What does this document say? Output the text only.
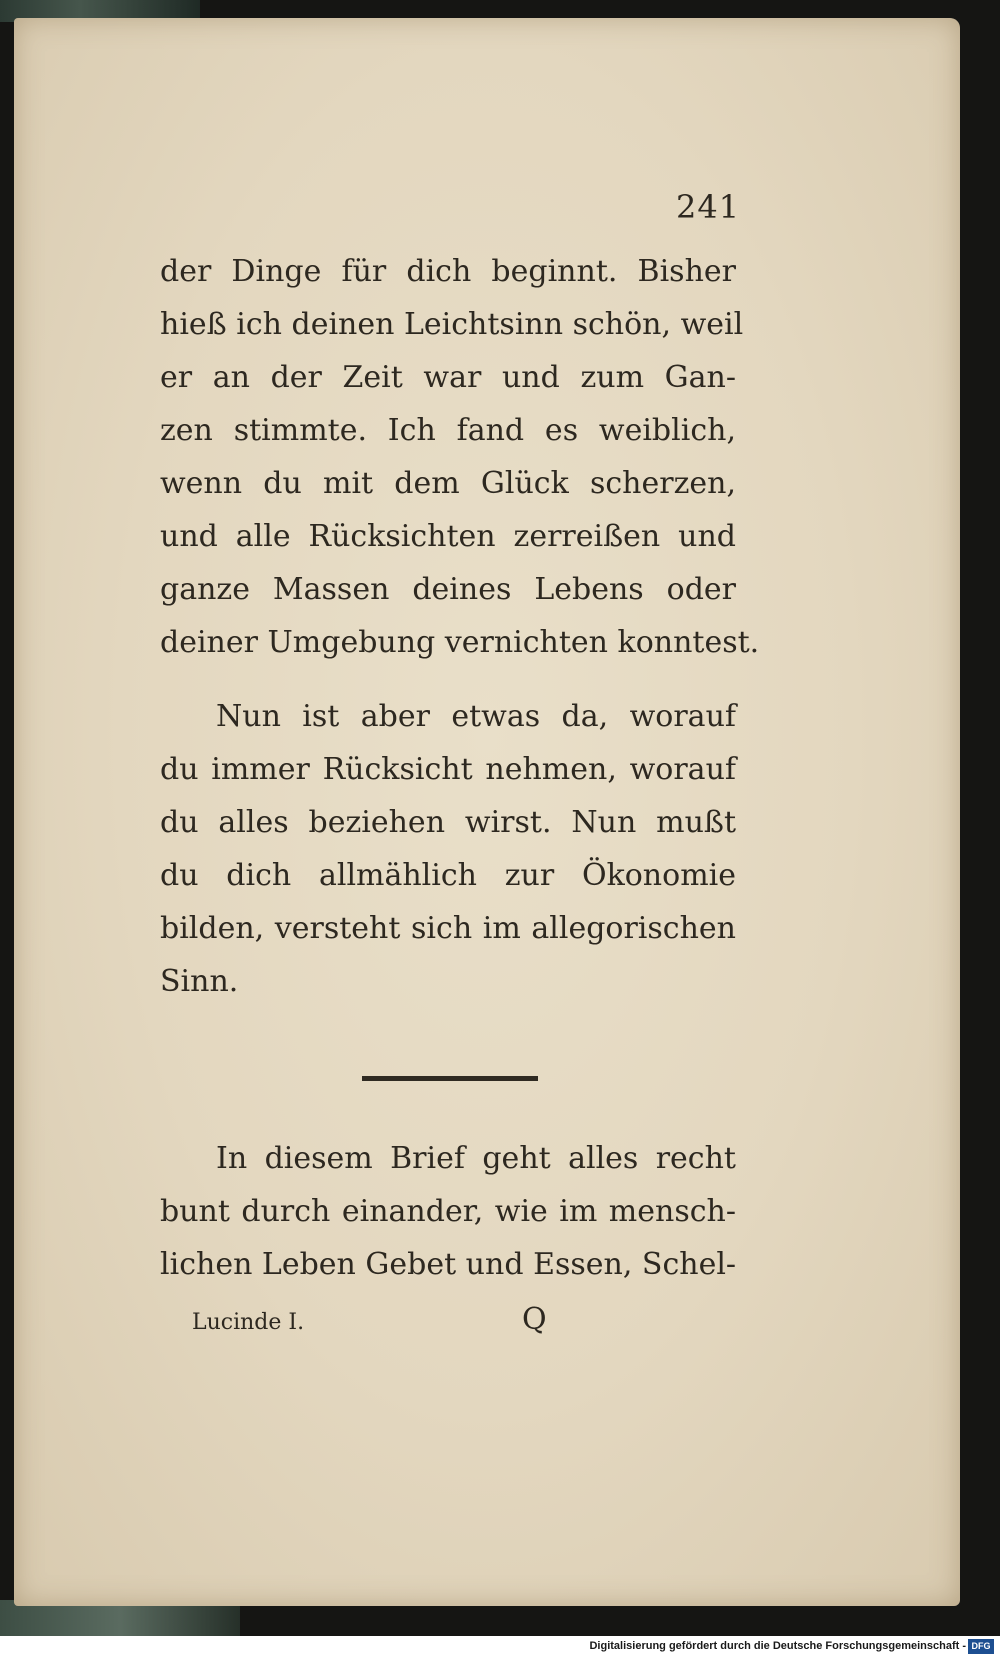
241

der Dinge für dich beginnt. Bisher

hieß ich deinen Leichtsinn schön, weil

er an der Zeit war und zum Gan-

zen stimmte. Ich fand es weiblich,

wenn du mit dem Glück scherzen,

und alle Rücksichten zerreißen und

ganze Massen deines Lebens oder

deiner Umgebung vernichten konntest.

Nun ist aber etwas da, worauf

du immer Rücksicht nehmen, worauf

du alles beziehen wirst. Nun mußt

du dich allmählich zur Ökonomie

bilden, versteht sich im allegorischen

Sinn.

In diesem Brief geht alles recht

bunt durch einander, wie im mensch-

lichen Leben Gebet und Essen, Schel-

Lucinde I.	Q
Digitalisierung gefördert durch die Deutsche Forschungsgemeinschaft - DFG
